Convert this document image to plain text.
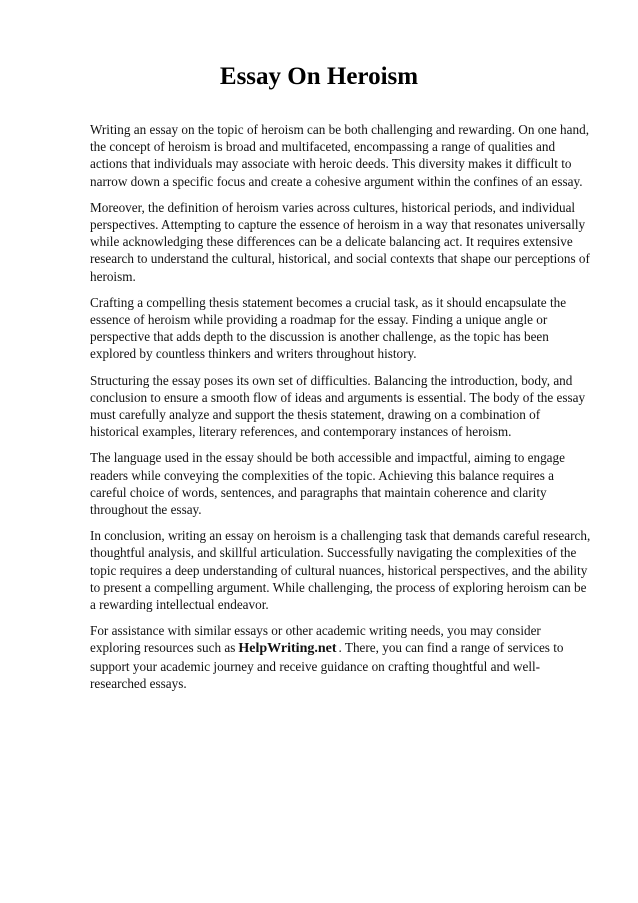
Essay On Heroism

Writing an essay on the topic of heroism can be both challenging and rewarding. On one hand, the concept of heroism is broad and multifaceted, encompassing a range of qualities and actions that individuals may associate with heroic deeds. This diversity makes it difficult to narrow down a specific focus and create a cohesive argument within the confines of an essay.

Moreover, the definition of heroism varies across cultures, historical periods, and individual perspectives. Attempting to capture the essence of heroism in a way that resonates universally while acknowledging these differences can be a delicate balancing act. It requires extensive research to understand the cultural, historical, and social contexts that shape our perceptions of heroism.

Crafting a compelling thesis statement becomes a crucial task, as it should encapsulate the essence of heroism while providing a roadmap for the essay. Finding a unique angle or perspective that adds depth to the discussion is another challenge, as the topic has been explored by countless thinkers and writers throughout history.

Structuring the essay poses its own set of difficulties. Balancing the introduction, body, and conclusion to ensure a smooth flow of ideas and arguments is essential. The body of the essay must carefully analyze and support the thesis statement, drawing on a combination of historical examples, literary references, and contemporary instances of heroism.

The language used in the essay should be both accessible and impactful, aiming to engage readers while conveying the complexities of the topic. Achieving this balance requires a careful choice of words, sentences, and paragraphs that maintain coherence and clarity throughout the essay.

In conclusion, writing an essay on heroism is a challenging task that demands careful research, thoughtful analysis, and skillful articulation. Successfully navigating the complexities of the topic requires a deep understanding of cultural nuances, historical perspectives, and the ability to present a compelling argument. While challenging, the process of exploring heroism can be a rewarding intellectual endeavor.

For assistance with similar essays or other academic writing needs, you may consider exploring resources such as HelpWriting.net . There, you can find a range of services to support your academic journey and receive guidance on crafting thoughtful and well-researched essays.
